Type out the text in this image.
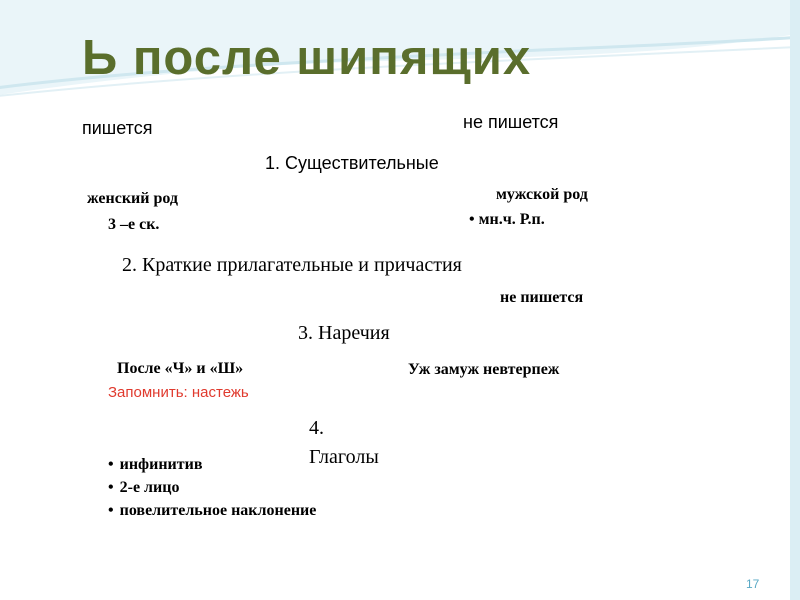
Ь после шипящих
пишется	не пишется
1. Существительные
женский род
3 –е ск.
мужской род
• мн.ч. Р.п.
2. Краткие прилагательные и причастия
не пишется
3. Наречия
После «Ч» и «Ш»
Запомнить: настежь
Уж замуж невтерпеж
4.
Глаголы
• инфинитив
• 2-е лицо
• повелительное наклонение
17
